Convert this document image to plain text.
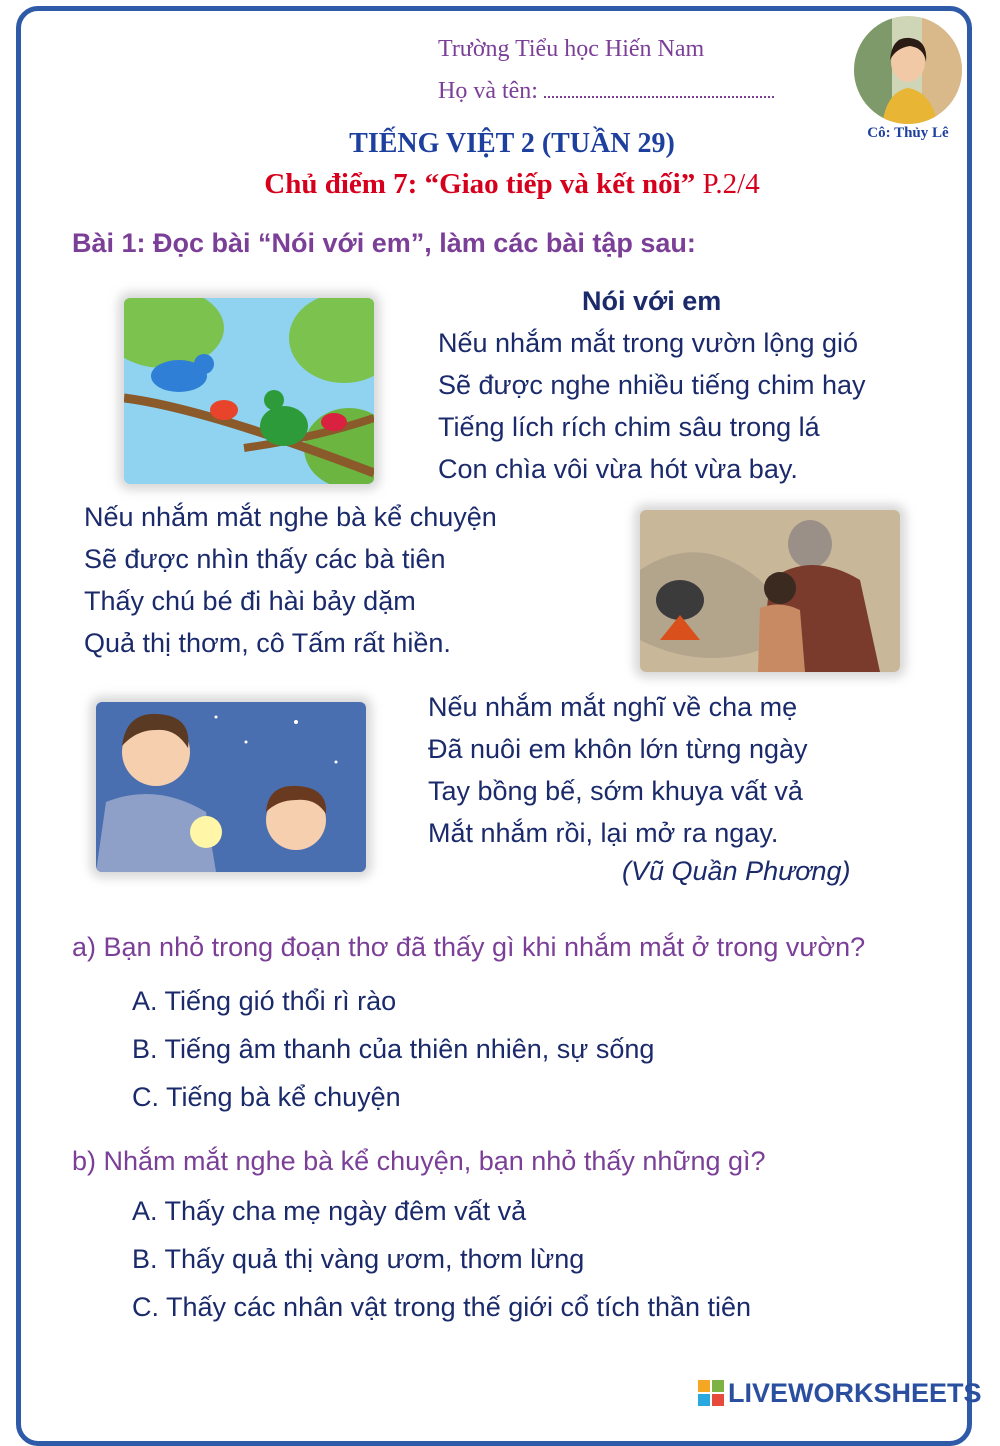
Trường Tiểu học Hiến Nam
Họ và tên:
Cô: Thủy Lê
TIẾNG VIỆT 2 (TUẦN 29)
Chủ điểm 7: “Giao tiếp và kết nối” P.2/4
Bài 1: Đọc bài “Nói với em”, làm các bài tập sau:
Nói với em
Nếu nhắm mắt trong vườn lộng gió
Sẽ được nghe nhiều tiếng chim hay
Tiếng lích rích chim sâu trong lá
Con chìa vôi vừa hót vừa bay.
Nếu nhắm mắt nghe bà kể chuyện
Sẽ được nhìn thấy các bà tiên
Thấy chú bé đi hài bảy dặm
Quả thị thơm, cô Tấm rất hiền.
Nếu nhắm mắt nghĩ về cha mẹ
Đã nuôi em khôn lớn từng ngày
Tay bồng bế, sớm khuya vất vả
Mắt nhắm rồi, lại mở ra ngay.
(Vũ Quần Phương)
a) Bạn nhỏ trong đoạn thơ đã thấy gì khi nhắm mắt ở trong vườn?
A. Tiếng gió thổi rì rào
B. Tiếng âm thanh của thiên nhiên, sự sống
C. Tiếng bà kể chuyện
b) Nhắm mắt nghe bà kể chuyện, bạn nhỏ thấy những gì?
A. Thấy cha mẹ ngày đêm vất vả
B. Thấy quả thị vàng ươm, thơm lừng
C. Thấy các nhân vật trong thế giới cổ tích thần tiên
LIVEWORKSHEETS
